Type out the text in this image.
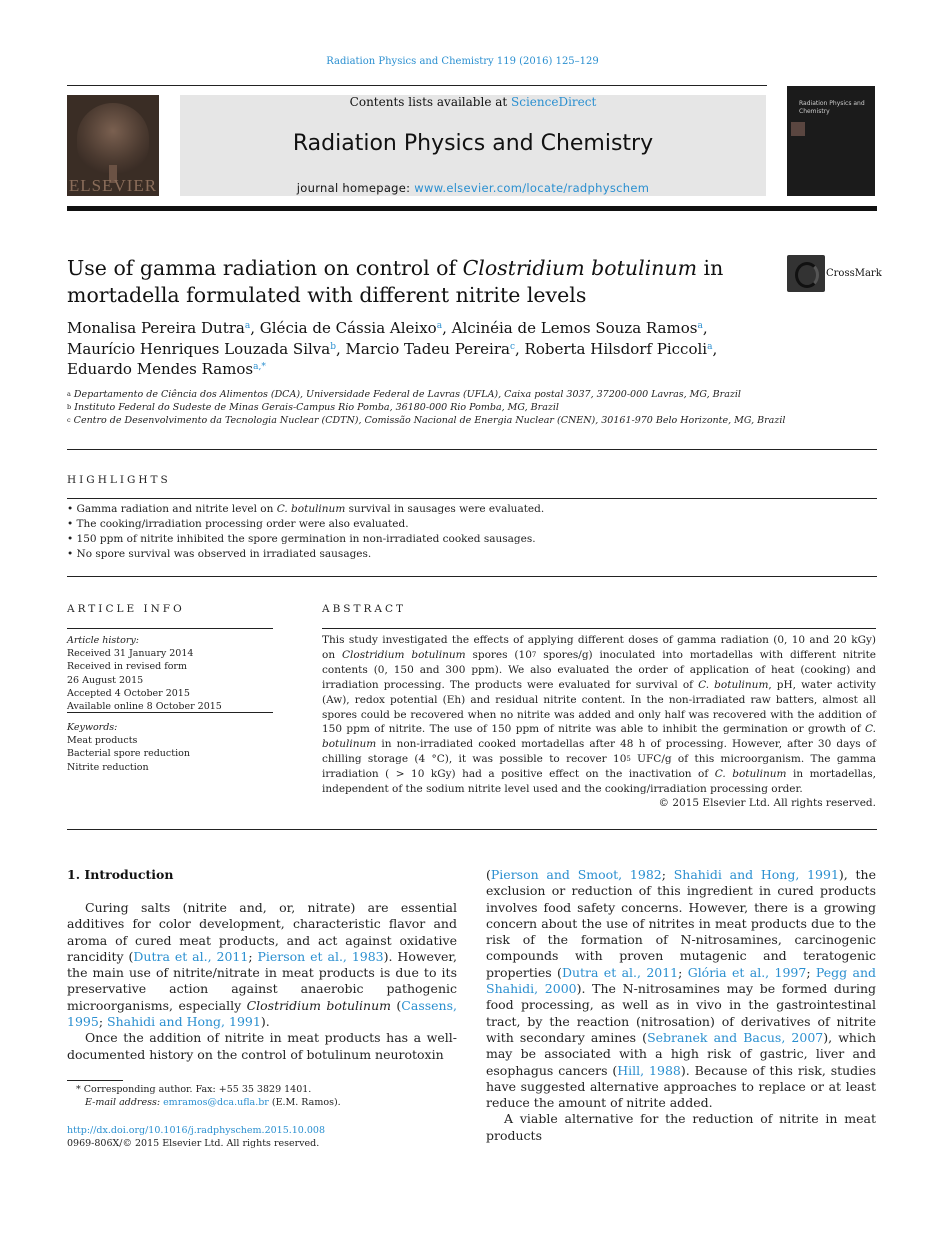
Radiation Physics and Chemistry 119 (2016) 125–129
ELSEVIER
Contents lists available at ScienceDirect
Radiation Physics and Chemistry
journal homepage: www.elsevier.com/locate/radphyschem
Radiation Physics and Chemistry
Use of gamma radiation on control of Clostridium botulinum in mortadella formulated with different nitrite levels
CrossMark
Monalisa Pereira Dutra$^a$, Glécia de Cássia Aleixo$^a$, Alcinéia de Lemos Souza Ramos$^a$,
Maurício Henriques Louzada Silva$^b$, Marcio Tadeu Pereira$^c$, Roberta Hilsdorf Piccoli$^a$,
Eduardo Mendes Ramos$^{a,*}$
$^a$ Departamento de Ciência dos Alimentos (DCA), Universidade Federal de Lavras (UFLA), Caixa postal 3037, 37200-000 Lavras, MG, Brazil
$^b$ Instituto Federal do Sudeste de Minas Gerais-Campus Rio Pomba, 36180-000 Rio Pomba, MG, Brazil
$^c$ Centro de Desenvolvimento da Tecnologia Nuclear (CDTN), Comissão Nacional de Energia Nuclear (CNEN), 30161-970 Belo Horizonte, MG, Brazil
HIGHLIGHTS
• Gamma radiation and nitrite level on C. botulinum survival in sausages were evaluated.
• The cooking/irradiation processing order were also evaluated.
• 150 ppm of nitrite inhibited the spore germination in non-irradiated cooked sausages.
• No spore survival was observed in irradiated sausages.
ARTICLE INFO
Article history:
Received 31 January 2014
Received in revised form
26 August 2015
Accepted 4 October 2015
Available online 8 October 2015
Keywords:
Meat products
Bacterial spore reduction
Nitrite reduction
ABSTRACT
This study investigated the effects of applying different doses of gamma radiation (0, 10 and 20 kGy) on Clostridium botulinum spores ($10^7$ spores/g) inoculated into mortadellas with different nitrite contents (0, 150 and 300 ppm). We also evaluated the order of application of heat (cooking) and irradiation processing. The products were evaluated for survival of C. botulinum, pH, water activity (Aw), redox potential (Eh) and residual nitrite content. In the non-irradiated raw batters, almost all spores could be recovered when no nitrite was added and only half was recovered with the addition of 150 ppm of nitrite. The use of 150 ppm of nitrite was able to inhibit the germination or growth of C. botulinum in non-irradiated cooked mortadellas after 48 h of processing. However, after 30 days of chilling storage (4 °C), it was possible to recover $10^5$ UFC/g of this microorganism. The gamma irradiation ( > 10 kGy) had a positive effect on the inactivation of C. botulinum in mortadellas, independent of the sodium nitrite level used and the cooking/irradiation processing order.
© 2015 Elsevier Ltd. All rights reserved.
1. Introduction

Curing salts (nitrite and, or, nitrate) are essential additives for color development, characteristic flavor and aroma of cured meat products, and act against oxidative rancidity (Dutra et al., 2011; Pierson et al., 1983). However, the main use of nitrite/nitrate in meat products is due to its preservative action against anaerobic pathogenic microorganisms, especially Clostridium botulinum (Cassens, 1995; Shahidi and Hong, 1991).

Once the addition of nitrite in meat products has a well-documented history on the control of botulinum neurotoxin

(Pierson and Smoot, 1982; Shahidi and Hong, 1991), the exclusion or reduction of this ingredient in cured products involves food safety concerns. However, there is a growing concern about the use of nitrites in meat products due to the risk of the formation of N-nitrosamines, carcinogenic compounds with proven mutagenic and teratogenic properties (Dutra et al., 2011; Glória et al., 1997; Pegg and Shahidi, 2000). The N-nitrosamines may be formed during food processing, as well as in vivo in the gastrointestinal tract, by the reaction (nitrosation) of derivatives of nitrite with secondary amines (Sebranek and Bacus, 2007), which may be associated with a high risk of gastric, liver and esophagus cancers (Hill, 1988). Because of this risk, studies have suggested alternative approaches to replace or at least reduce the amount of nitrite added.

A viable alternative for the reduction of nitrite in meat products

* Corresponding author. Fax: +55 35 3829 1401.
E-mail address: emramos@dca.ufla.br (E.M. Ramos).
http://dx.doi.org/10.1016/j.radphyschem.2015.10.008
0969-806X/© 2015 Elsevier Ltd. All rights reserved.
